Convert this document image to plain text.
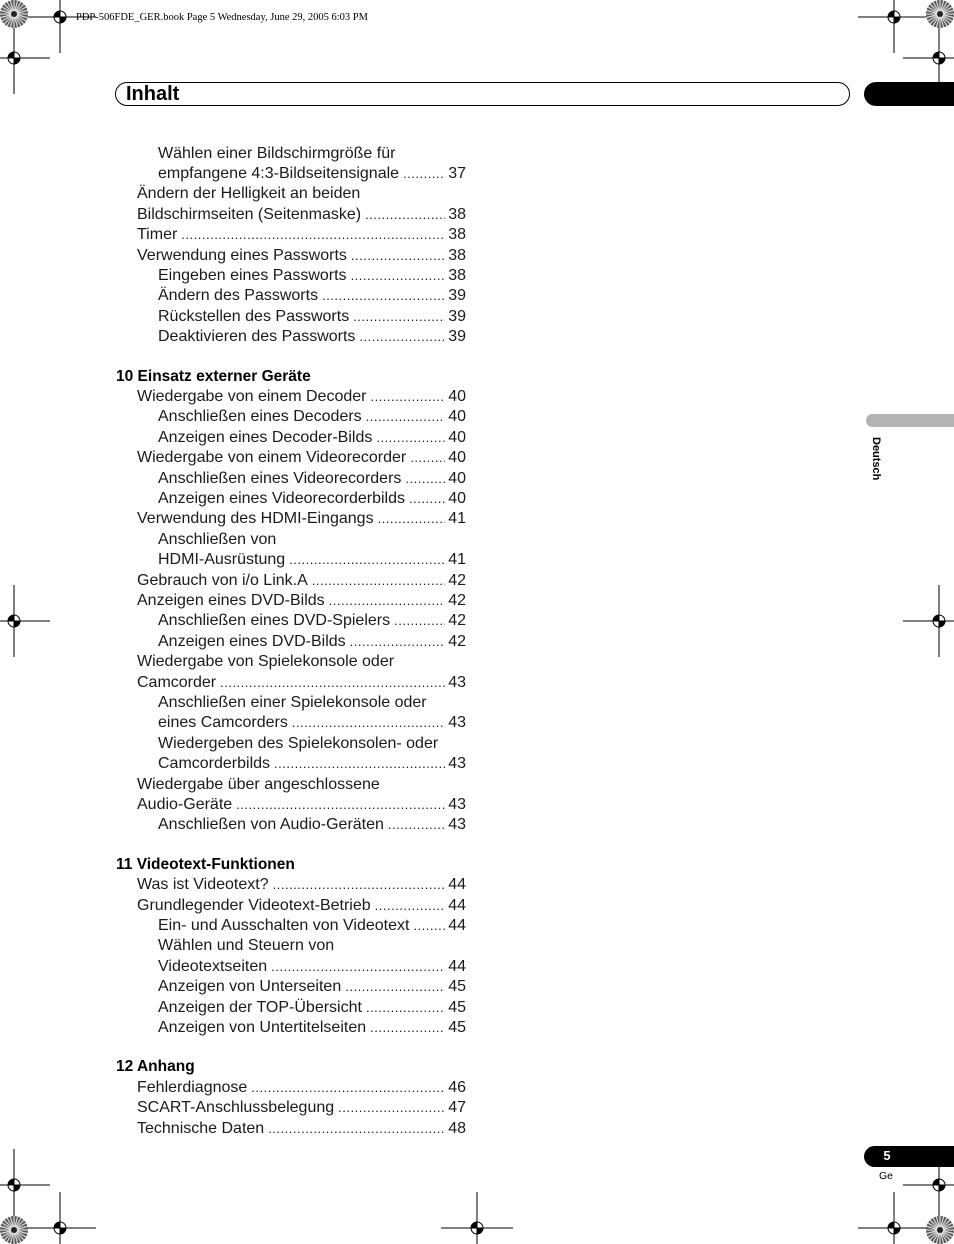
PDP-506FDE_GER.book Page 5 Wednesday, June 29, 2005 6:03 PM
Inhalt
Deutsch
5
Ge
Wählen einer Bildschirmgröße für
empfangene 4:3-Bildseitensignale .....	37
Ändern der Helligkeit an beiden
Bildschirmseiten (Seitenmaske) .....	38
Timer .....	38
Verwendung eines Passworts .....	38
Eingeben eines Passworts .....	38
Ändern des Passworts .....	39
Rückstellen des Passworts .....	39
Deaktivieren des Passworts .....	39
10 Einsatz externer Geräte
Wiedergabe von einem Decoder .....	40
Anschließen eines Decoders .....	40
Anzeigen eines Decoder-Bilds .....	40
Wiedergabe von einem Videorecorder .....	40
Anschließen eines Videorecorders .....	40
Anzeigen eines Videorecorderbilds .....	40
Verwendung des HDMI-Eingangs .....	41
Anschließen von
HDMI-Ausrüstung .....	41
Gebrauch von i/o Link.A .....	42
Anzeigen eines DVD-Bilds .....	42
Anschließen eines DVD-Spielers .....	42
Anzeigen eines DVD-Bilds .....	42
Wiedergabe von Spielekonsole oder
Camcorder .....	43
Anschließen einer Spielekonsole oder
eines Camcorders .....	43
Wiedergeben des Spielekonsolen- oder
Camcorderbilds .....	43
Wiedergabe über angeschlossene
Audio-Geräte .....	43
Anschließen von Audio-Geräten .....	43
11 Videotext-Funktionen
Was ist Videotext? .....	44
Grundlegender Videotext-Betrieb .....	44
Ein- und Ausschalten von Videotext ..... 44
Wählen und Steuern von
Videotextseiten .....	44
Anzeigen von Unterseiten .....	45
Anzeigen der TOP-Übersicht .....	45
Anzeigen von Untertitelseiten .....	45
12 Anhang
Fehlerdiagnose .....	46
SCART-Anschlussbelegung .....	47
Technische Daten .....	48
